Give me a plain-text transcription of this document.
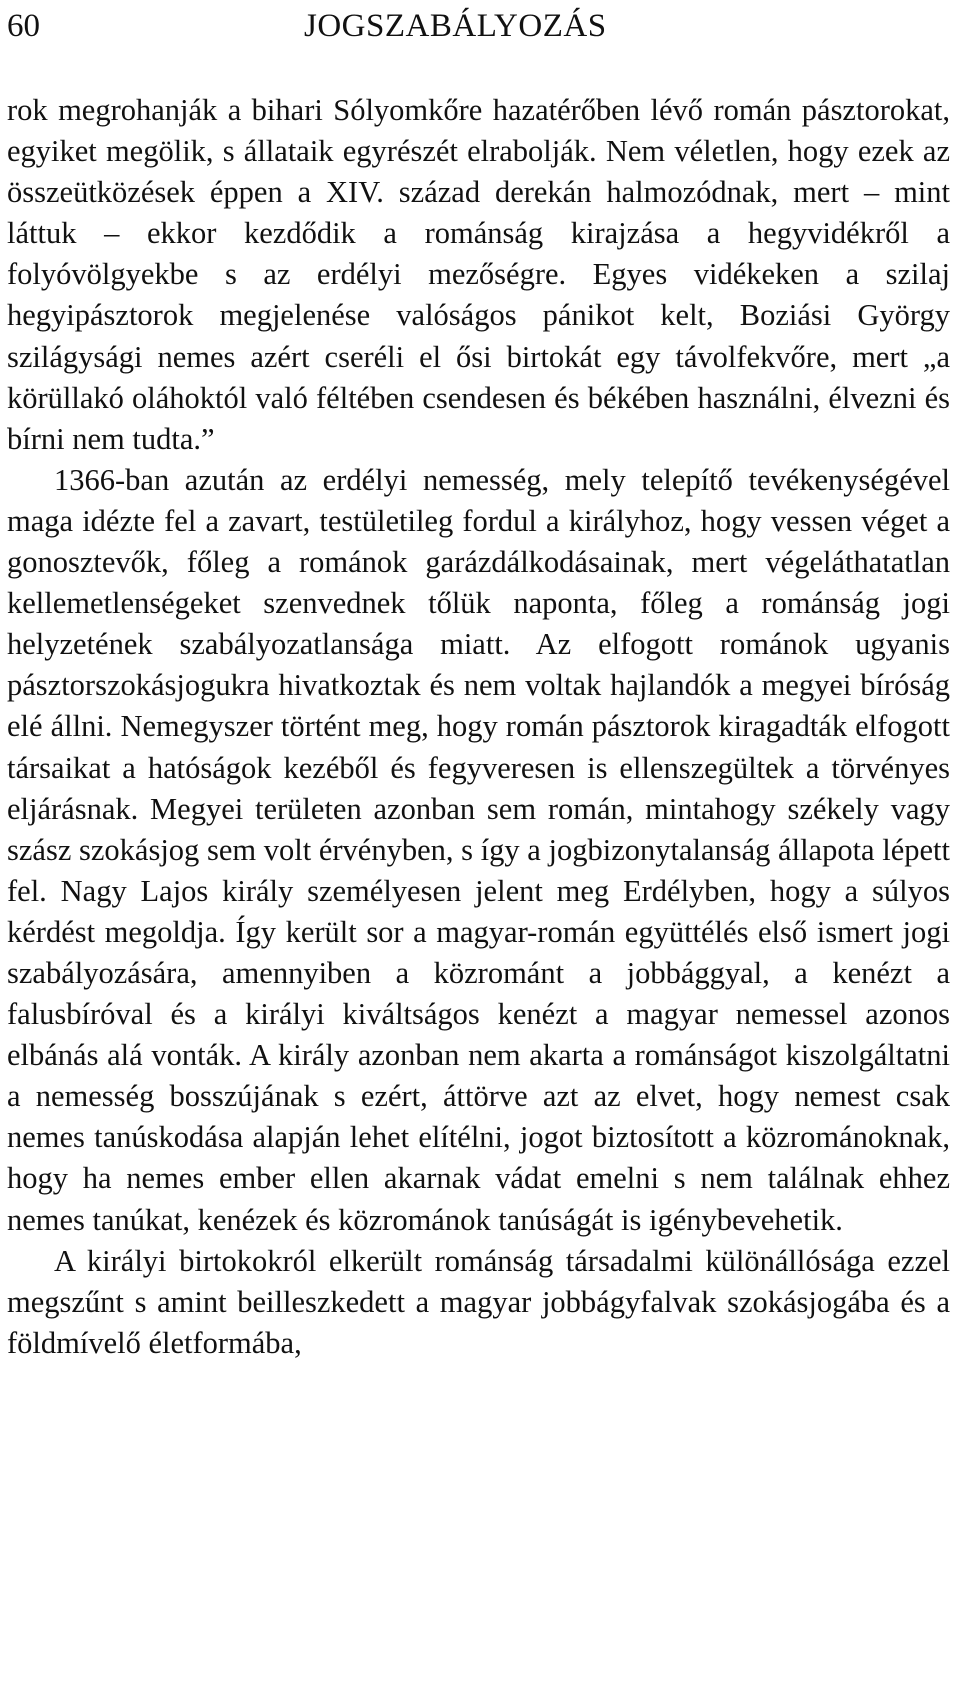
60	JOGSZABÁLYOZÁS

rok megrohanják a bihari Sólyomkőre hazatérőben lévő román pásztorokat, egyiket megölik, s állataik egyrészét elrabolják. Nem véletlen, hogy ezek az összeütközések éppen a XIV. század derekán halmozódnak, mert – mint láttuk – ekkor kezdődik a románság kirajzása a hegyvidékről a folyóvölgyekbe s az erdélyi mezőségre. Egyes vidékeken a szilaj hegyipásztorok megjelenése valóságos pánikot kelt, Boziási György szilágysági nemes azért cseréli el ősi birtokát egy távolfekvőre, mert „a körüllakó oláhoktól való féltében csendesen és békében használni, élvezni és bírni nem tudta.”

1366-ban azután az erdélyi nemesség, mely telepítő tevékenységével maga idézte fel a zavart, testületileg fordul a királyhoz, hogy vessen véget a gonosztevők, főleg a románok garázdálkodásainak, mert végeláthatatlan kellemetlenségeket szenvednek tőlük naponta, főleg a románság jogi helyzetének szabályozatlansága miatt. Az elfogott románok ugyanis pásztorszokásjogukra hivatkoztak és nem voltak hajlandók a megyei bíróság elé állni. Nemegyszer történt meg, hogy román pásztorok kiragadták elfogott társaikat a hatóságok kezéből és fegyveresen is ellenszegültek a törvényes eljárásnak. Megyei területen azonban sem román, mintahogy székely vagy szász szokásjog sem volt érvényben, s így a jogbizonytalanság állapota lépett fel. Nagy Lajos király személyesen jelent meg Erdélyben, hogy a súlyos kérdést megoldja. Így került sor a magyar-román együttélés első ismert jogi szabályozására, amennyiben a közrománt a jobbággyal, a kenézt a falusbíróval és a királyi kiváltságos kenézt a magyar nemessel azonos elbánás alá vonták. A király azonban nem akarta a románságot kiszolgáltatni a nemesség bosszújának s ezért, áttörve azt az elvet, hogy nemest csak nemes tanúskodása alapján lehet elítélni, jogot biztosított a közrománoknak, hogy ha nemes ember ellen akarnak vádat emelni s nem találnak ehhez nemes tanúkat, kenézek és közrománok tanúságát is igénybevehetik.

A királyi birtokokról elkerült románság társadalmi különállósága ezzel megszűnt s amint beilleszkedett a magyar jobbágyfalvak szokásjogába és a földmívelő életformába,
